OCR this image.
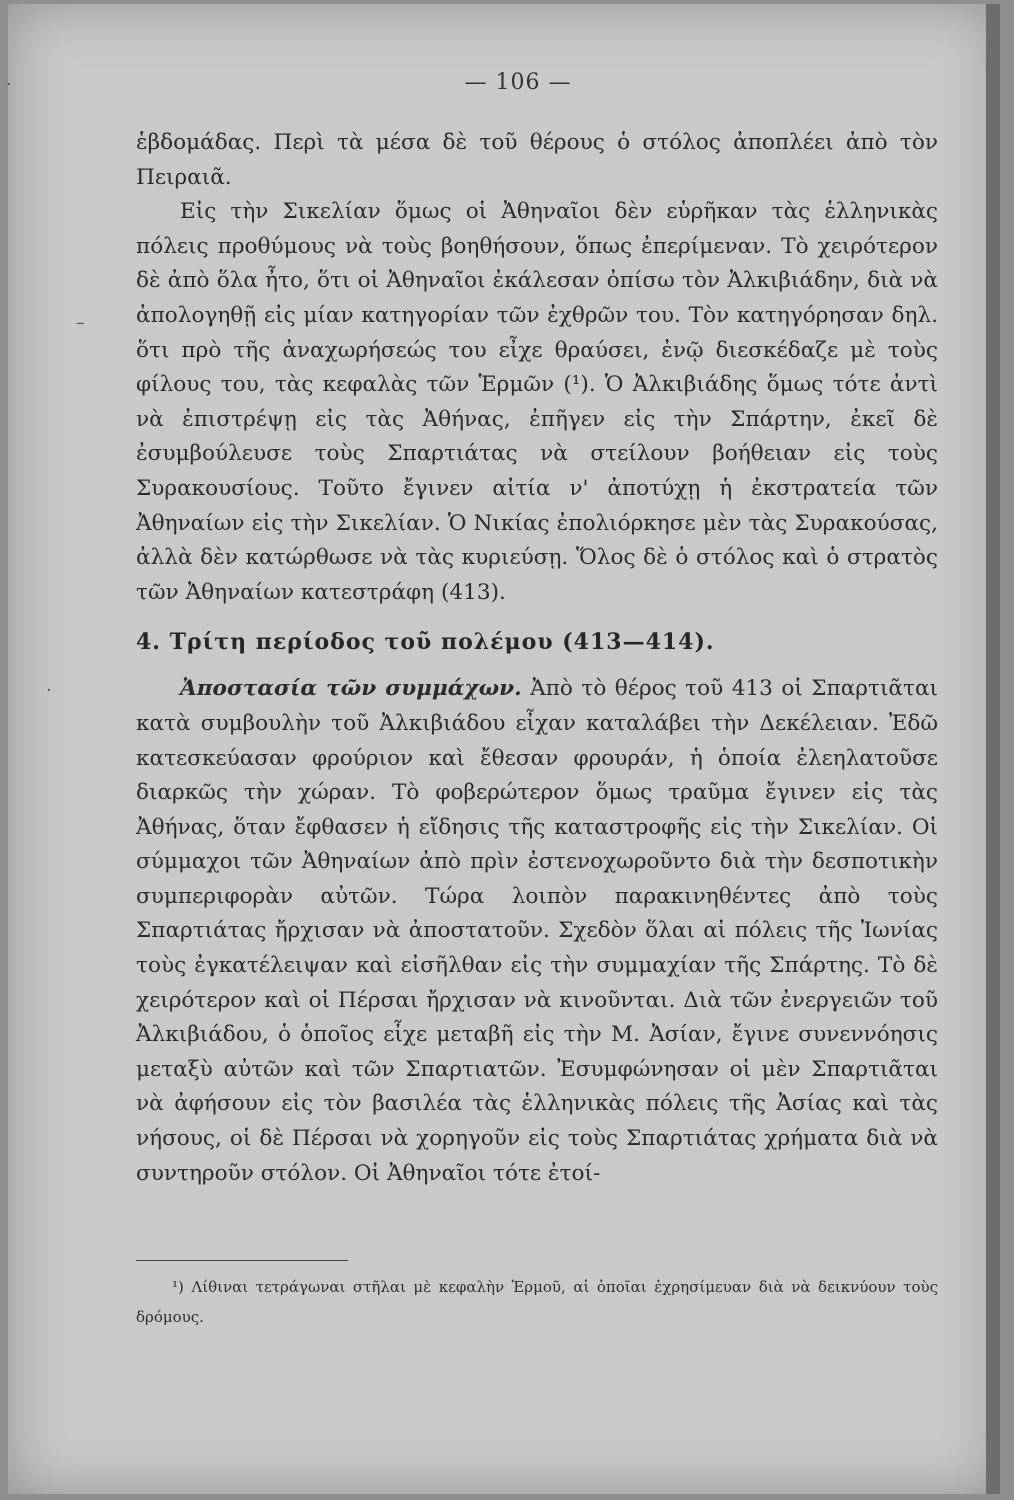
— 106 —

ἑβδομάδας. Περὶ τὰ μέσα δὲ τοῦ θέρους ὁ στόλος ἀποπλέει ἀπὸ τὸν Πειραιᾶ.

Εἰς τὴν Σικελίαν ὅμως οἱ Ἀθηναῖοι δὲν εὑρῆκαν τὰς ἑλληνικὰς πόλεις προθύμους νὰ τοὺς βοηθήσουν, ὅπως ἐπερίμεναν. Τὸ χειρότερον δὲ ἀπὸ ὅλα ἦτο, ὅτι οἱ Ἀθηναῖοι ἐκάλεσαν ὀπίσω τὸν Ἀλκιβιάδην, διὰ νὰ ἀπολογηθῇ εἰς μίαν κατηγορίαν τῶν ἐχθρῶν του. Τὸν κατηγόρησαν δηλ. ὅτι πρὸ τῆς ἀναχωρήσεώς του εἶχε θραύσει, ἐνῷ διεσκέδαζε μὲ τοὺς φίλους του, τὰς κεφαλὰς τῶν Ἑρμῶν (¹). Ὁ Ἀλκιβιάδης ὅμως τότε ἀντὶ νὰ ἐπιστρέψῃ εἰς τὰς Ἀθήνας, ἐπῆγεν εἰς τὴν Σπάρτην, ἐκεῖ δὲ ἐσυμβούλευσε τοὺς Σπαρτιάτας νὰ στείλουν βοήθειαν εἰς τοὺς Συρακουσίους. Τοῦτο ἔγινεν αἰτία ν' ἀποτύχῃ ἡ ἐκστρατεία τῶν Ἀθηναίων εἰς τὴν Σικελίαν. Ὁ Νικίας ἐπολιόρκησε μὲν τὰς Συρακούσας, ἀλλὰ δὲν κατώρθωσε νὰ τὰς κυριεύσῃ. Ὅλος δὲ ὁ στόλος καὶ ὁ στρατὸς τῶν Ἀθηναίων κατεστράφη (413).

4. Τρίτη περίοδος τοῦ πολέμου (413—414).

Ἀποστασία τῶν συμμάχων. Ἀπὸ τὸ θέρος τοῦ 413 οἱ Σπαρτιᾶται κατὰ συμβουλὴν τοῦ Ἀλκιβιάδου εἶχαν καταλάβει τὴν Δεκέλειαν. Ἐδῶ κατεσκεύασαν φρούριον καὶ ἔθεσαν φρουράν, ἡ ὁποία ἐλεηλατοῦσε διαρκῶς τὴν χώραν. Τὸ φοβερώτερον ὅμως τραῦμα ἔγινεν εἰς τὰς Ἀθήνας, ὅταν ἔφθασεν ἡ εἴδησις τῆς καταστροφῆς εἰς τὴν Σικελίαν. Οἱ σύμμαχοι τῶν Ἀθηναίων ἀπὸ πρὶν ἐστενοχωροῦντο διὰ τὴν δεσποτικὴν συμπεριφορὰν αὐτῶν. Τώρα λοιπὸν παρακινηθέντες ἀπὸ τοὺς Σπαρτιάτας ἤρχισαν νὰ ἀποστατοῦν. Σχεδὸν ὅλαι αἱ πόλεις τῆς Ἰωνίας τοὺς ἐγκατέλειψαν καὶ εἰσῆλθαν εἰς τὴν συμμαχίαν τῆς Σπάρτης. Τὸ δὲ χειρότερον καὶ οἱ Πέρσαι ἤρχισαν νὰ κινοῦνται. Διὰ τῶν ἐνεργειῶν τοῦ Ἀλκιβιάδου, ὁ ὁποῖος εἶχε μεταβῆ εἰς τὴν Μ. Ἀσίαν, ἔγινε συνεννόησις μεταξὺ αὐτῶν καὶ τῶν Σπαρτιατῶν. Ἐσυμφώνησαν οἱ μὲν Σπαρτιᾶται νὰ ἀφήσουν εἰς τὸν βασιλέα τὰς ἑλληνικὰς πόλεις τῆς Ἀσίας καὶ τὰς νήσους, οἱ δὲ Πέρσαι νὰ χορηγοῦν εἰς τοὺς Σπαρτιάτας χρήματα διὰ νὰ συντηροῦν στόλον. Οἱ Ἀθηναῖοι τότε ἐτοί-

¹) Λίθιναι τετράγωναι στῆλαι μὲ κεφαλὴν Ἑρμοῦ, αἱ ὁποῖαι ἐχρησίμευαν διὰ νὰ δεικνύουν τοὺς δρόμους.
·
–
·
